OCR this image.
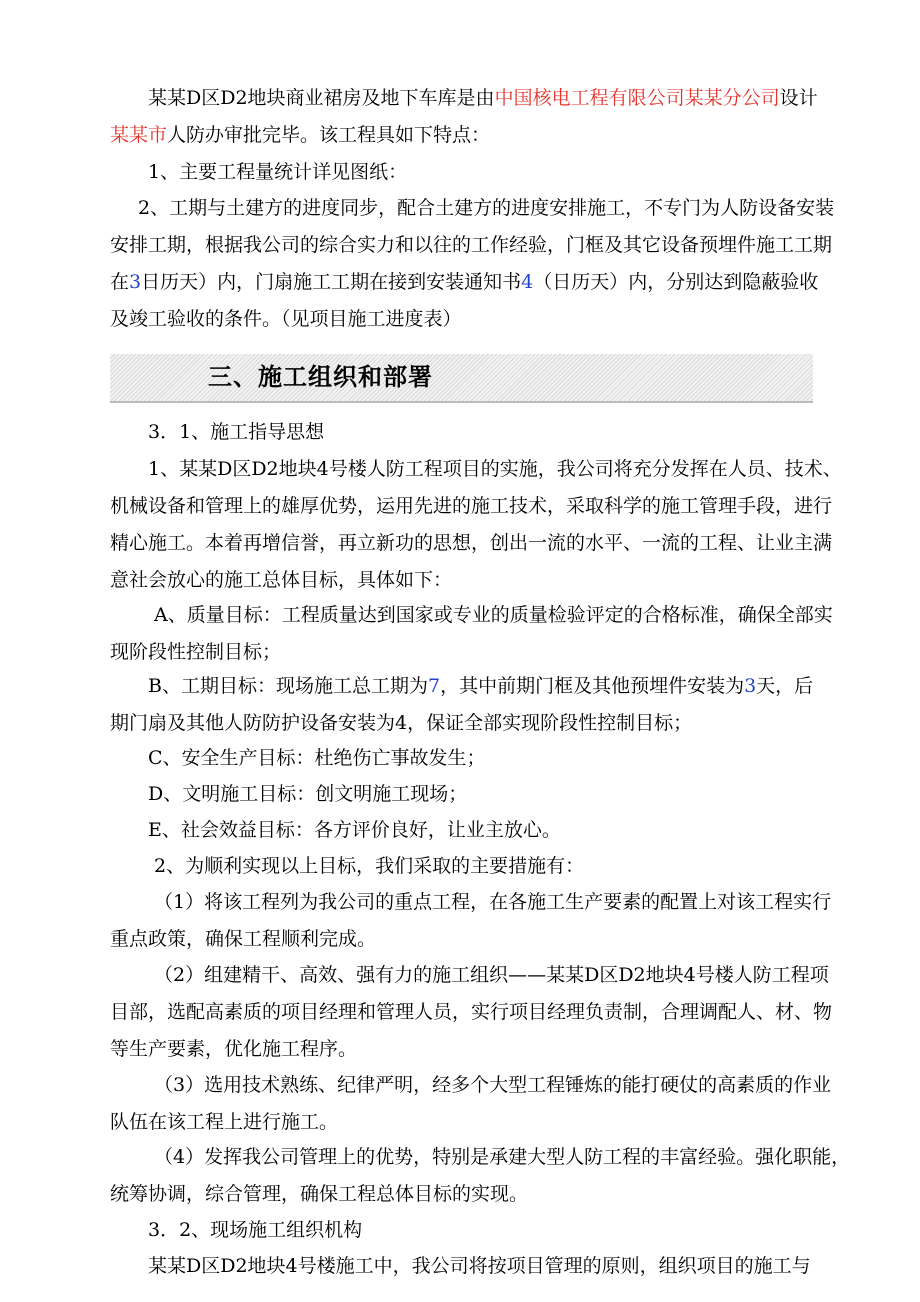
某某D区D2地块商业裙房及地下车库是由中国核电工程有限公司某某分公司设计
某某市人防办审批完毕。该工程具如下特点：
1、主要工程量统计详见图纸：
2、工期与土建方的进度同步，配合土建方的进度安排施工，不专门为人防设备安装
安排工期，根据我公司的综合实力和以往的工作经验，门框及其它设备预埋件施工工期
在3日历天）内，门扇施工工期在接到安装通知书4（日历天）内，分别达到隐蔽验收
及竣工验收的条件。（见项目施工进度表）
三、施工组织和部署
3．1、施工指导思想
1、某某D区D2地块4号楼人防工程项目的实施，我公司将充分发挥在人员、技术、
机械设备和管理上的雄厚优势，运用先进的施工技术，采取科学的施工管理手段，进行
精心施工。本着再增信誉，再立新功的思想，创出一流的水平、一流的工程、让业主满
意社会放心的施工总体目标，具体如下：
A、质量目标：工程质量达到国家或专业的质量检验评定的合格标准，确保全部实
现阶段性控制目标；
B、工期目标：现场施工总工期为7，其中前期门框及其他预埋件安装为3天，后
期门扇及其他人防防护设备安装为4，保证全部实现阶段性控制目标；
C、安全生产目标：杜绝伤亡事故发生；
D、文明施工目标：创文明施工现场；
E、社会效益目标：各方评价良好，让业主放心。
2、为顺利实现以上目标，我们采取的主要措施有：
（1）将该工程列为我公司的重点工程，在各施工生产要素的配置上对该工程实行
重点政策，确保工程顺利完成。
（2）组建精干、高效、强有力的施工组织——某某D区D2地块4号楼人防工程项
目部，选配高素质的项目经理和管理人员，实行项目经理负责制，合理调配人、材、物
等生产要素，优化施工程序。
（3）选用技术熟练、纪律严明，经多个大型工程锤炼的能打硬仗的高素质的作业
队伍在该工程上进行施工。
（4）发挥我公司管理上的优势，特别是承建大型人防工程的丰富经验。强化职能，
统筹协调，综合管理，确保工程总体目标的实现。
3．2、现场施工组织机构
某某D区D2地块4号楼施工中，我公司将按项目管理的原则，组织项目的施工与
